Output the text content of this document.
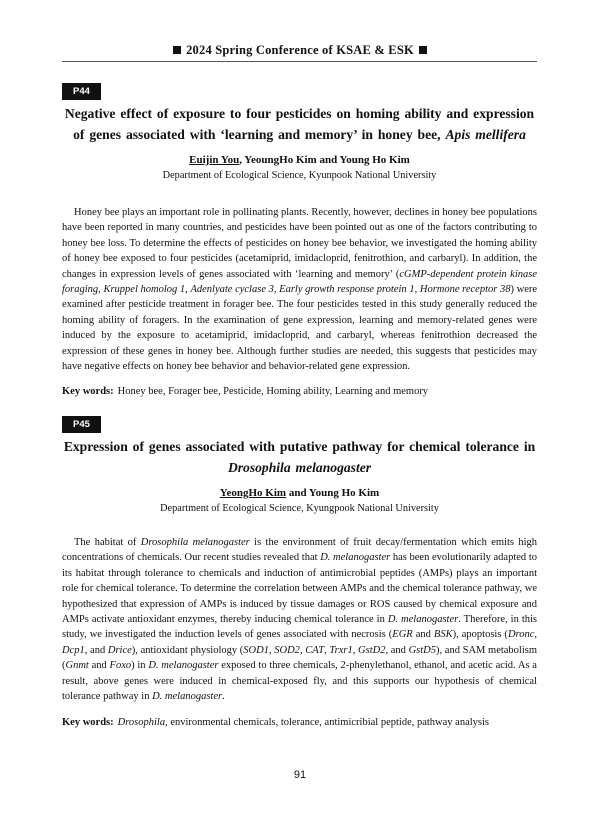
2024 Spring Conference of KSAE & ESK
P44
Negative effect of exposure to four pesticides on homing ability and expression of genes associated with ‘learning and memory’ in honey bee, Apis mellifera
Euijin You, YeoungHo Kim and Young Ho Kim
Department of Ecological Science, Kyunpook National University

Honey bee plays an important role in pollinating plants. Recently, however, declines in honey bee populations have been reported in many countries, and pesticides have been pointed out as one of the factors contributing to honey bee loss. To determine the effects of pesticides on honey bee behavior, we investigated the homing ability of honey bee exposed to four pesticides (acetamiprid, imidacloprid, fenitrothion, and carbaryl). In addition, the changes in expression levels of genes associated with ‘learning and memory’ (cGMP-dependent protein kinase foraging, Kruppel homolog 1, Adenlyate cyclase 3, Early growth response protein 1, Hormone receptor 38) were examined after pesticide treatment in forager bee. The four pesticides tested in this study generally reduced the homing ability of foragers. In the examination of gene expression, learning and memory-related genes were induced by the exposure to acetamiprid, imidacloprid, and carbaryl, whereas fenitrothion decreased the expression of these genes in honey bee. Although further studies are needed, this suggests that pesticides may have negative effects on honey bee behavior and behavior-related gene expression.

Key words: Honey bee, Forager bee, Pesticide, Homing ability, Learning and memory
P45
Expression of genes associated with putative pathway for chemical tolerance in Drosophila melanogaster
YeongHo Kim and Young Ho Kim
Department of Ecological Science, Kyungpook National University

The habitat of Drosophila melanogaster is the environment of fruit decay/fermentation which emits high concentrations of chemicals. Our recent studies revealed that D. melanogaster has been evolutionarily adapted to its habitat through tolerance to chemicals and induction of antimicrobial peptides (AMPs) plays an important role for chemical tolerance. To determine the correlation between AMPs and the chemical tolerance pathway, we hypothesized that expression of AMPs is induced by tissue damages or ROS caused by chemical exposure and AMPs activate antioxidant enzymes, thereby inducing chemical tolerance in D. melanogaster. Therefore, in this study, we investigated the induction levels of genes associated with necrosis (EGR and BSK), apoptosis (Dronc, Dcp1, and Drice), antioxidant physiology (SOD1, SOD2, CAT, Trxr1, GstD2, and GstD5), and SAM metabolism (Gnmt and Foxo) in D. melanogaster exposed to three chemicals, 2-phenylethanol, ethanol, and acetic acid. As a result, above genes were induced in chemical-exposed fly, and this supports our hypothesis of chemical tolerance pathway in D. melanogaster.

Key words: Drosophila, environmental chemicals, tolerance, antimicribial peptide, pathway analysis
91
